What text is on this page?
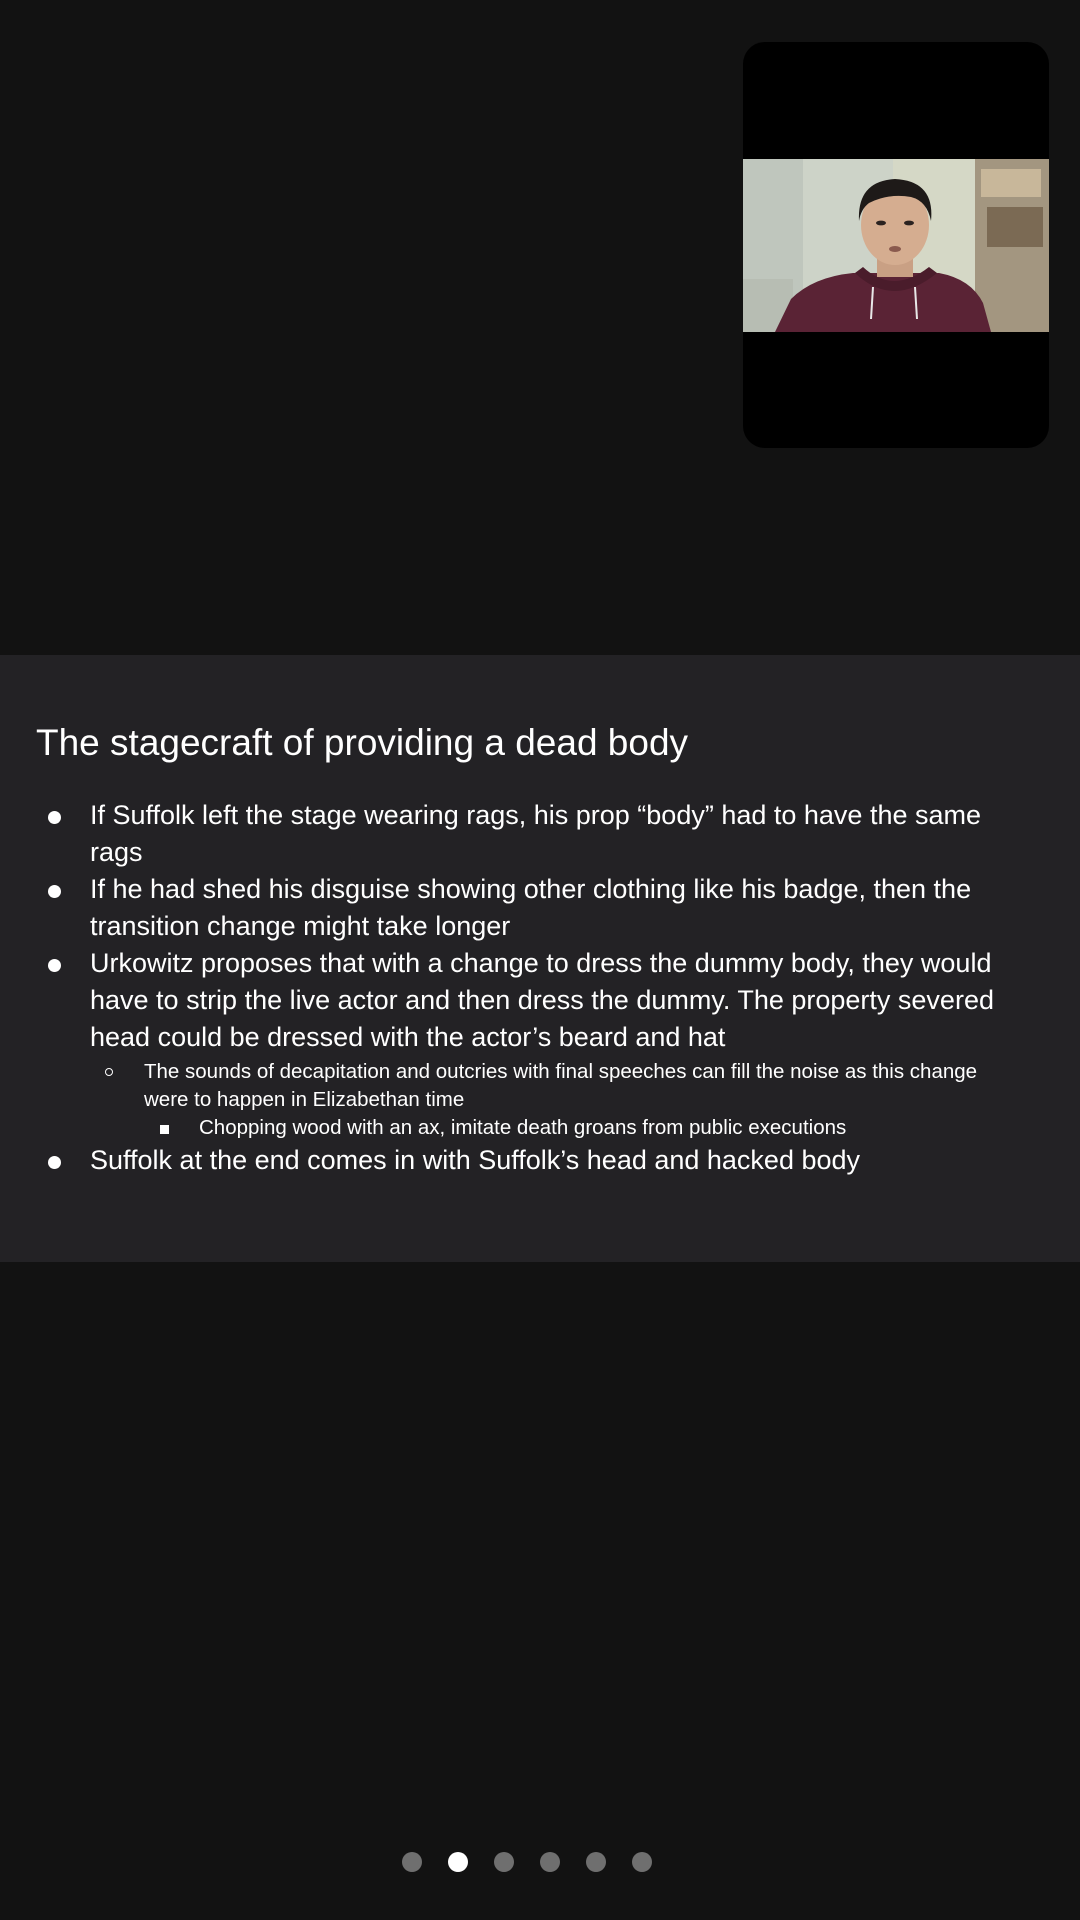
The stagecraft of providing a dead body
If Suffolk left the stage wearing rags, his prop “body” had to have the same rags
If he had shed his disguise showing other clothing like his badge, then the transition change might take longer
Urkowitz proposes that with a change to dress the dummy body, they would have to strip the live actor and then dress the dummy. The property severed head could be dressed with the actor’s beard and hat
The sounds of decapitation and outcries with final speeches can fill the noise as this change were to happen in Elizabethan time
Chopping wood with an ax, imitate death groans from public executions
Suffolk at the end comes in with Suffolk’s head and hacked body
